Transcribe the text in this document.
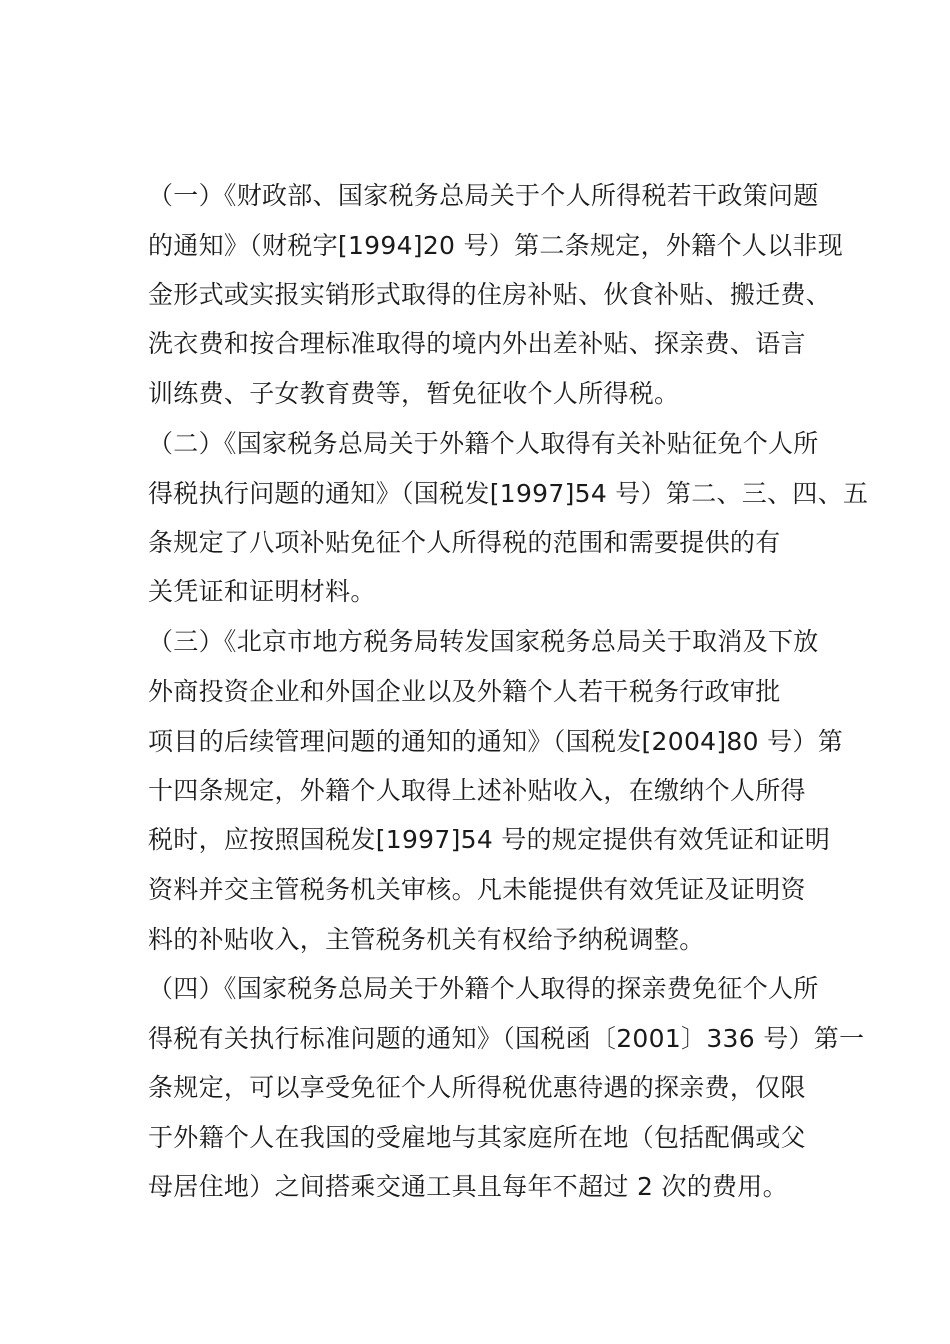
（一）《财政部、国家税务总局关于个人所得税若干政策问题
的通知》（财税字[1994]20 号）第二条规定，外籍个人以非现
金形式或实报实销形式取得的住房补贴、伙食补贴、搬迁费、
洗衣费和按合理标准取得的境内外出差补贴、探亲费、语言
训练费、子女教育费等，暂免征收个人所得税。
（二）《国家税务总局关于外籍个人取得有关补贴征免个人所
得税执行问题的通知》（国税发[1997]54 号）第二、三、四、五
条规定了八项补贴免征个人所得税的范围和需要提供的有
关凭证和证明材料。
（三）《北京市地方税务局转发国家税务总局关于取消及下放
外商投资企业和外国企业以及外籍个人若干税务行政审批
项目的后续管理问题的通知的通知》（国税发[2004]80 号）第
十四条规定，外籍个人取得上述补贴收入，在缴纳个人所得
税时，应按照国税发[1997]54 号的规定提供有效凭证和证明
资料并交主管税务机关审核。凡未能提供有效凭证及证明资
料的补贴收入，主管税务机关有权给予纳税调整。
（四）《国家税务总局关于外籍个人取得的探亲费免征个人所
得税有关执行标准问题的通知》（国税函〔2001〕336 号）第一
条规定，可以享受免征个人所得税优惠待遇的探亲费，仅限
于外籍个人在我国的受雇地与其家庭所在地（包括配偶或父
母居住地）之间搭乘交通工具且每年不超过 2 次的费用。
